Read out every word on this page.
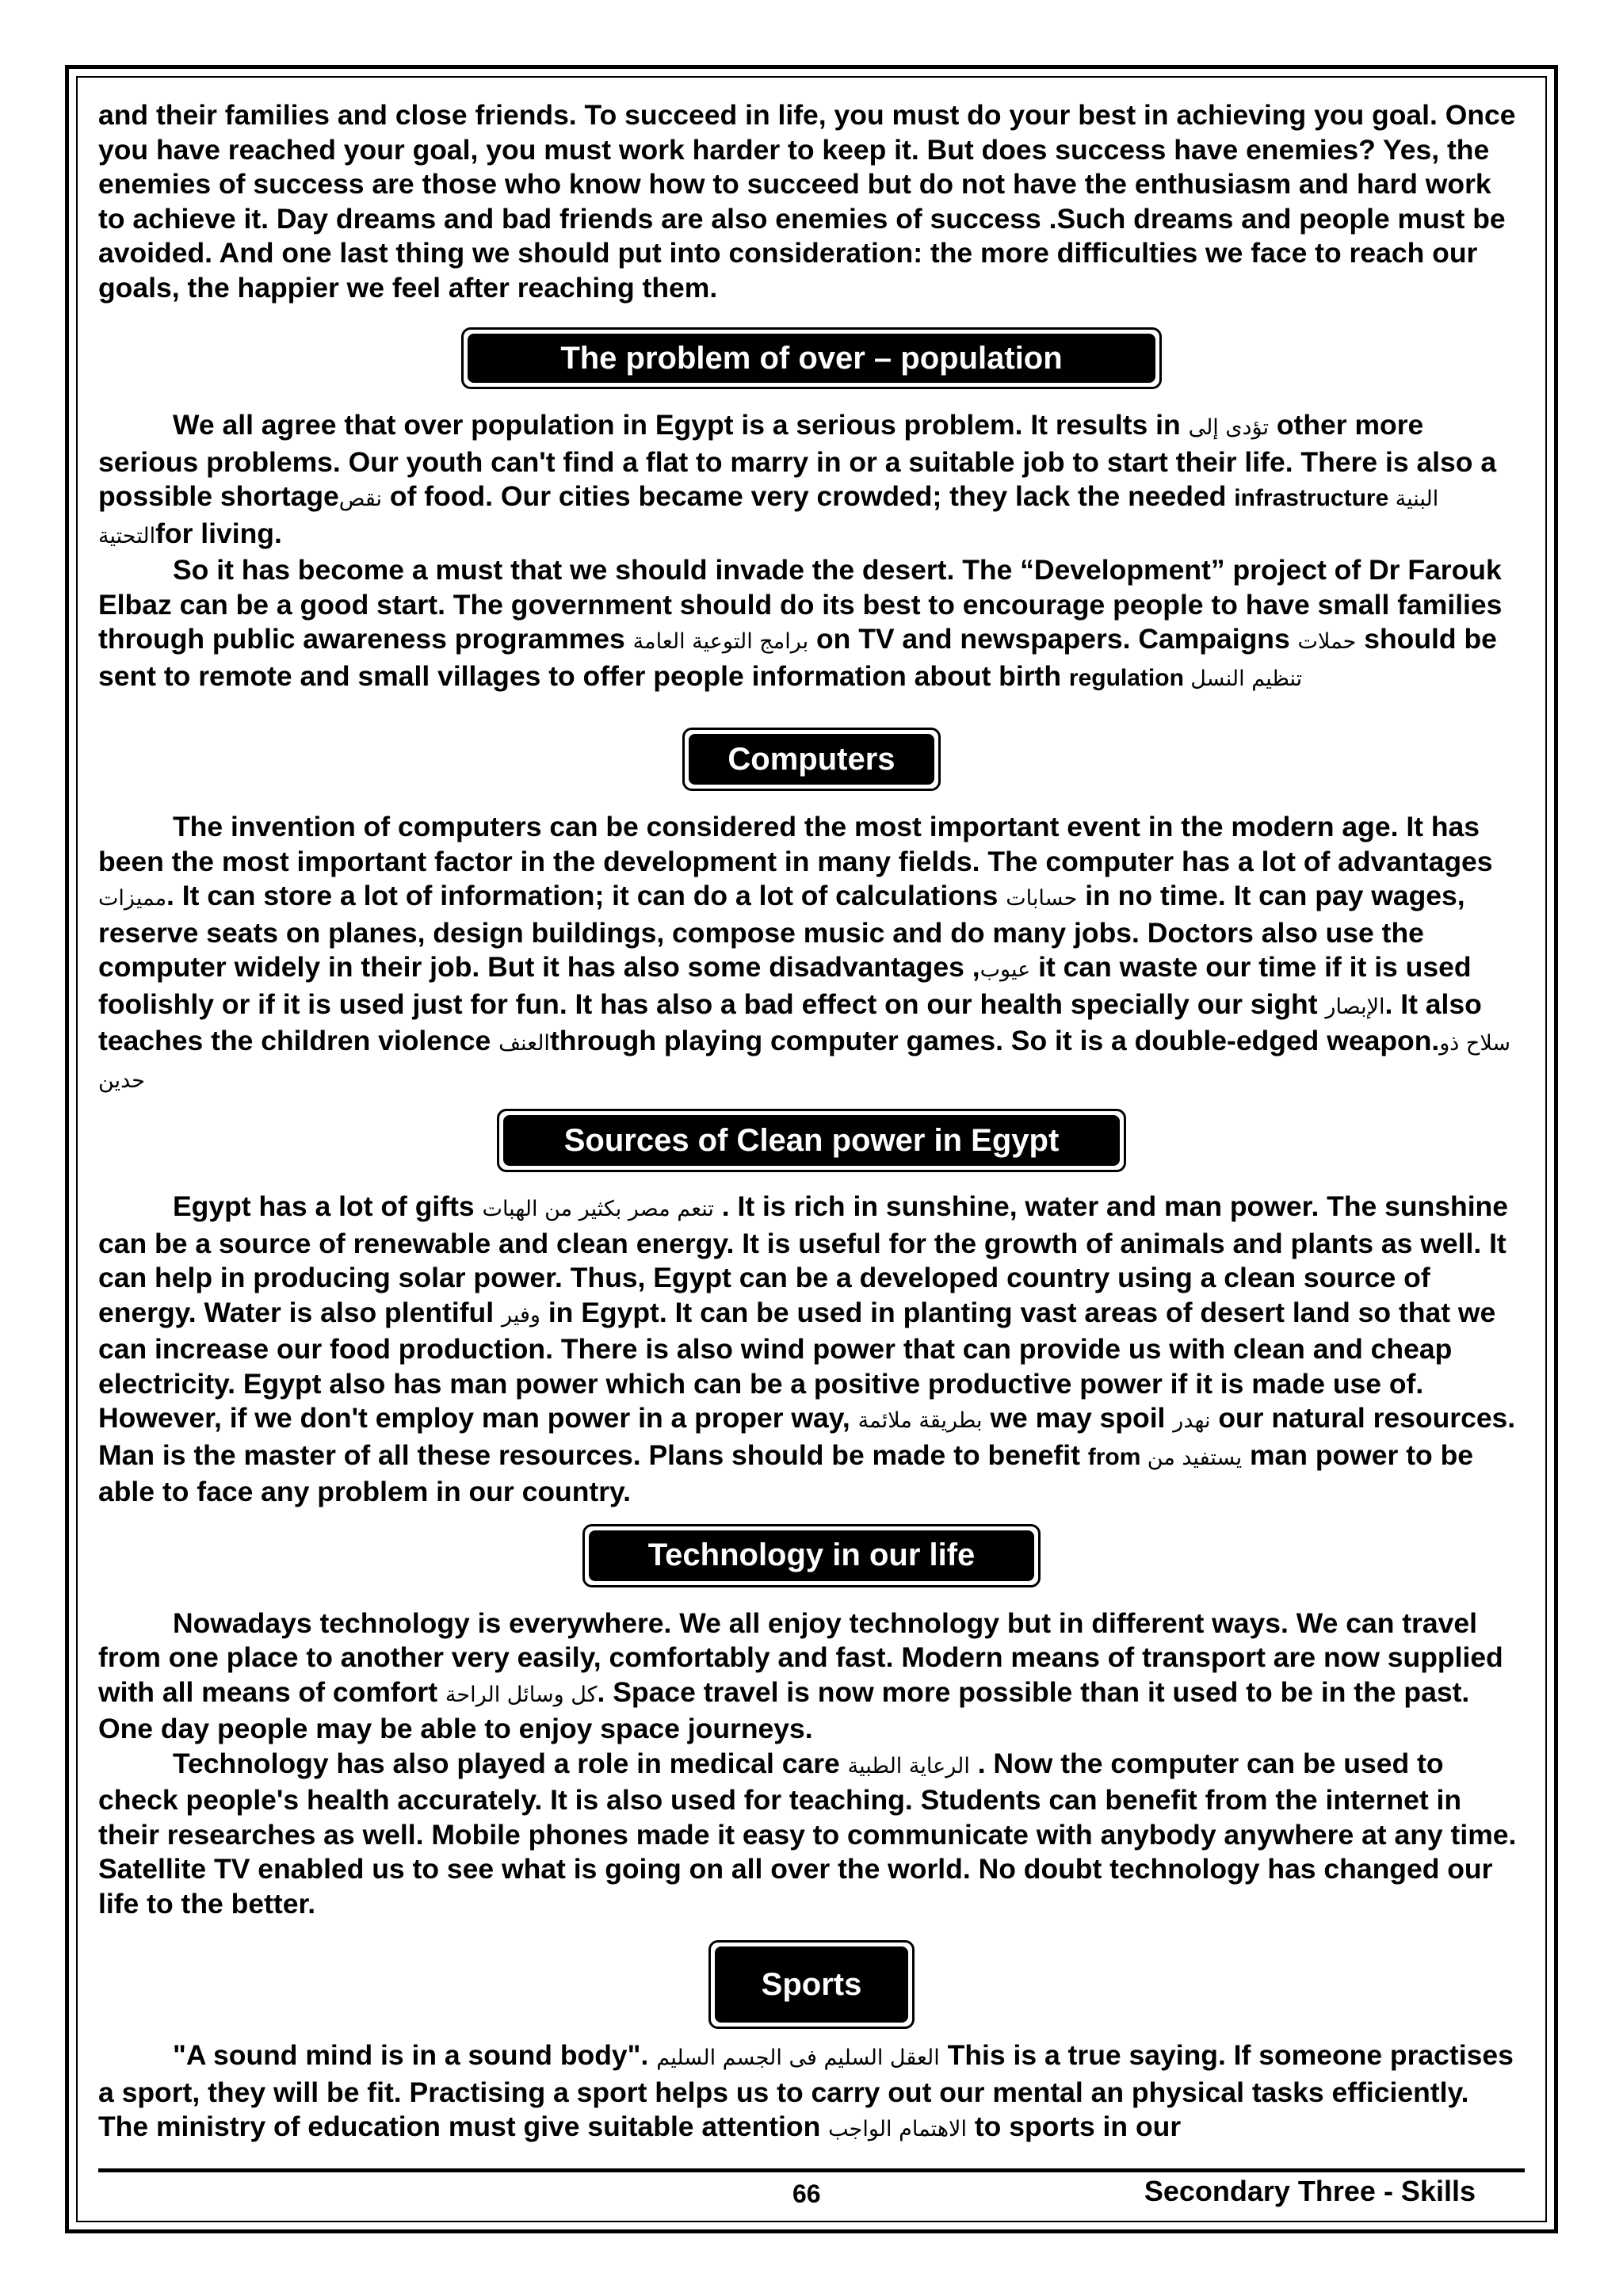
and their families and close friends. To succeed in life, you must do your best in achieving you goal. Once you have reached your goal, you must work harder to keep it. But does success have enemies? Yes, the enemies of success are those who know how to succeed but do not have the enthusiasm and hard work to achieve it. Day dreams and bad friends are also enemies of success .Such dreams and people must be avoided. And one last thing we should put into consideration: the more difficulties we face to reach our goals, the happier we feel after reaching them.

The problem of over – population

We all agree that over population in Egypt is a serious problem. It results in تؤدى إلى other more serious problems. Our youth can't find a flat to marry in or a suitable job to start their life. There is also a possible shortageنقص of food. Our cities became very crowded; they lack the needed infrastructure البنية التحتيةfor living.

So it has become a must that we should invade the desert. The “Development” project of Dr Farouk Elbaz can be a good start. The government should do its best to encourage people to have small families through public awareness programmes برامج التوعية العامة on TV and newspapers. Campaigns حملات should be sent to remote and small villages to offer people information about birth regulation تنظيم النسل

Computers

The invention of computers can be considered the most important event in the modern age. It has been the most important factor in the development in many fields. The computer has a lot of advantages مميزات. It can store a lot of information; it can do a lot of calculations حسابات in no time. It can pay wages, reserve seats on planes, design buildings, compose music and do many jobs. Doctors also use the computer widely in their job. But it has also some disadvantages ,عيوب it can waste our time if it is used foolishly or if it is used just for fun. It has also a bad effect on our health specially our sight الإبصار. It also teaches the children violence العنفthrough playing computer games. So it is a double-edged weapon.سلاح ذو حدين

Sources of Clean power in Egypt

Egypt has a lot of gifts تنعم مصر بكثير من الهبات . It is rich in sunshine, water and man power. The sunshine can be a source of renewable and clean energy. It is useful for the growth of animals and plants as well. It can help in producing solar power. Thus, Egypt can be a developed country using a clean source of energy. Water is also plentiful وفير in Egypt. It can be used in planting vast areas of desert land so that we can increase our food production. There is also wind power that can provide us with clean and cheap electricity. Egypt also has man power which can be a positive productive power if it is made use of. However, if we don't employ man power in a proper way, بطريقة ملائمة we may spoil نهدر our natural resources. Man is the master of all these resources. Plans should be made to benefit from يستفيد من man power to be able to face any problem in our country.

Technology in our life

Nowadays technology is everywhere. We all enjoy technology but in different ways. We can travel from one place to another very easily, comfortably and fast. Modern means of transport are now supplied with all means of comfort كل وسائل الراحة. Space travel is now more possible than it used to be in the past. One day people may be able to enjoy space journeys.

Technology has also played a role in medical care الرعاية الطبية . Now the computer can be used to check people's health accurately. It is also used for teaching. Students can benefit from the internet in their researches as well. Mobile phones made it easy to communicate with anybody anywhere at any time. Satellite TV enabled us to see what is going on all over the world. No doubt technology has changed our life to the better.

Sports

"A sound mind is in a sound body". العقل السليم فى الجسم السليم This is a true saying. If someone practises a sport, they will be fit. Practising a sport helps us to carry out our mental an physical tasks efficiently. The ministry of education must give suitable attention الاهتمام الواجب to sports in our

66	Secondary Three - Skills
